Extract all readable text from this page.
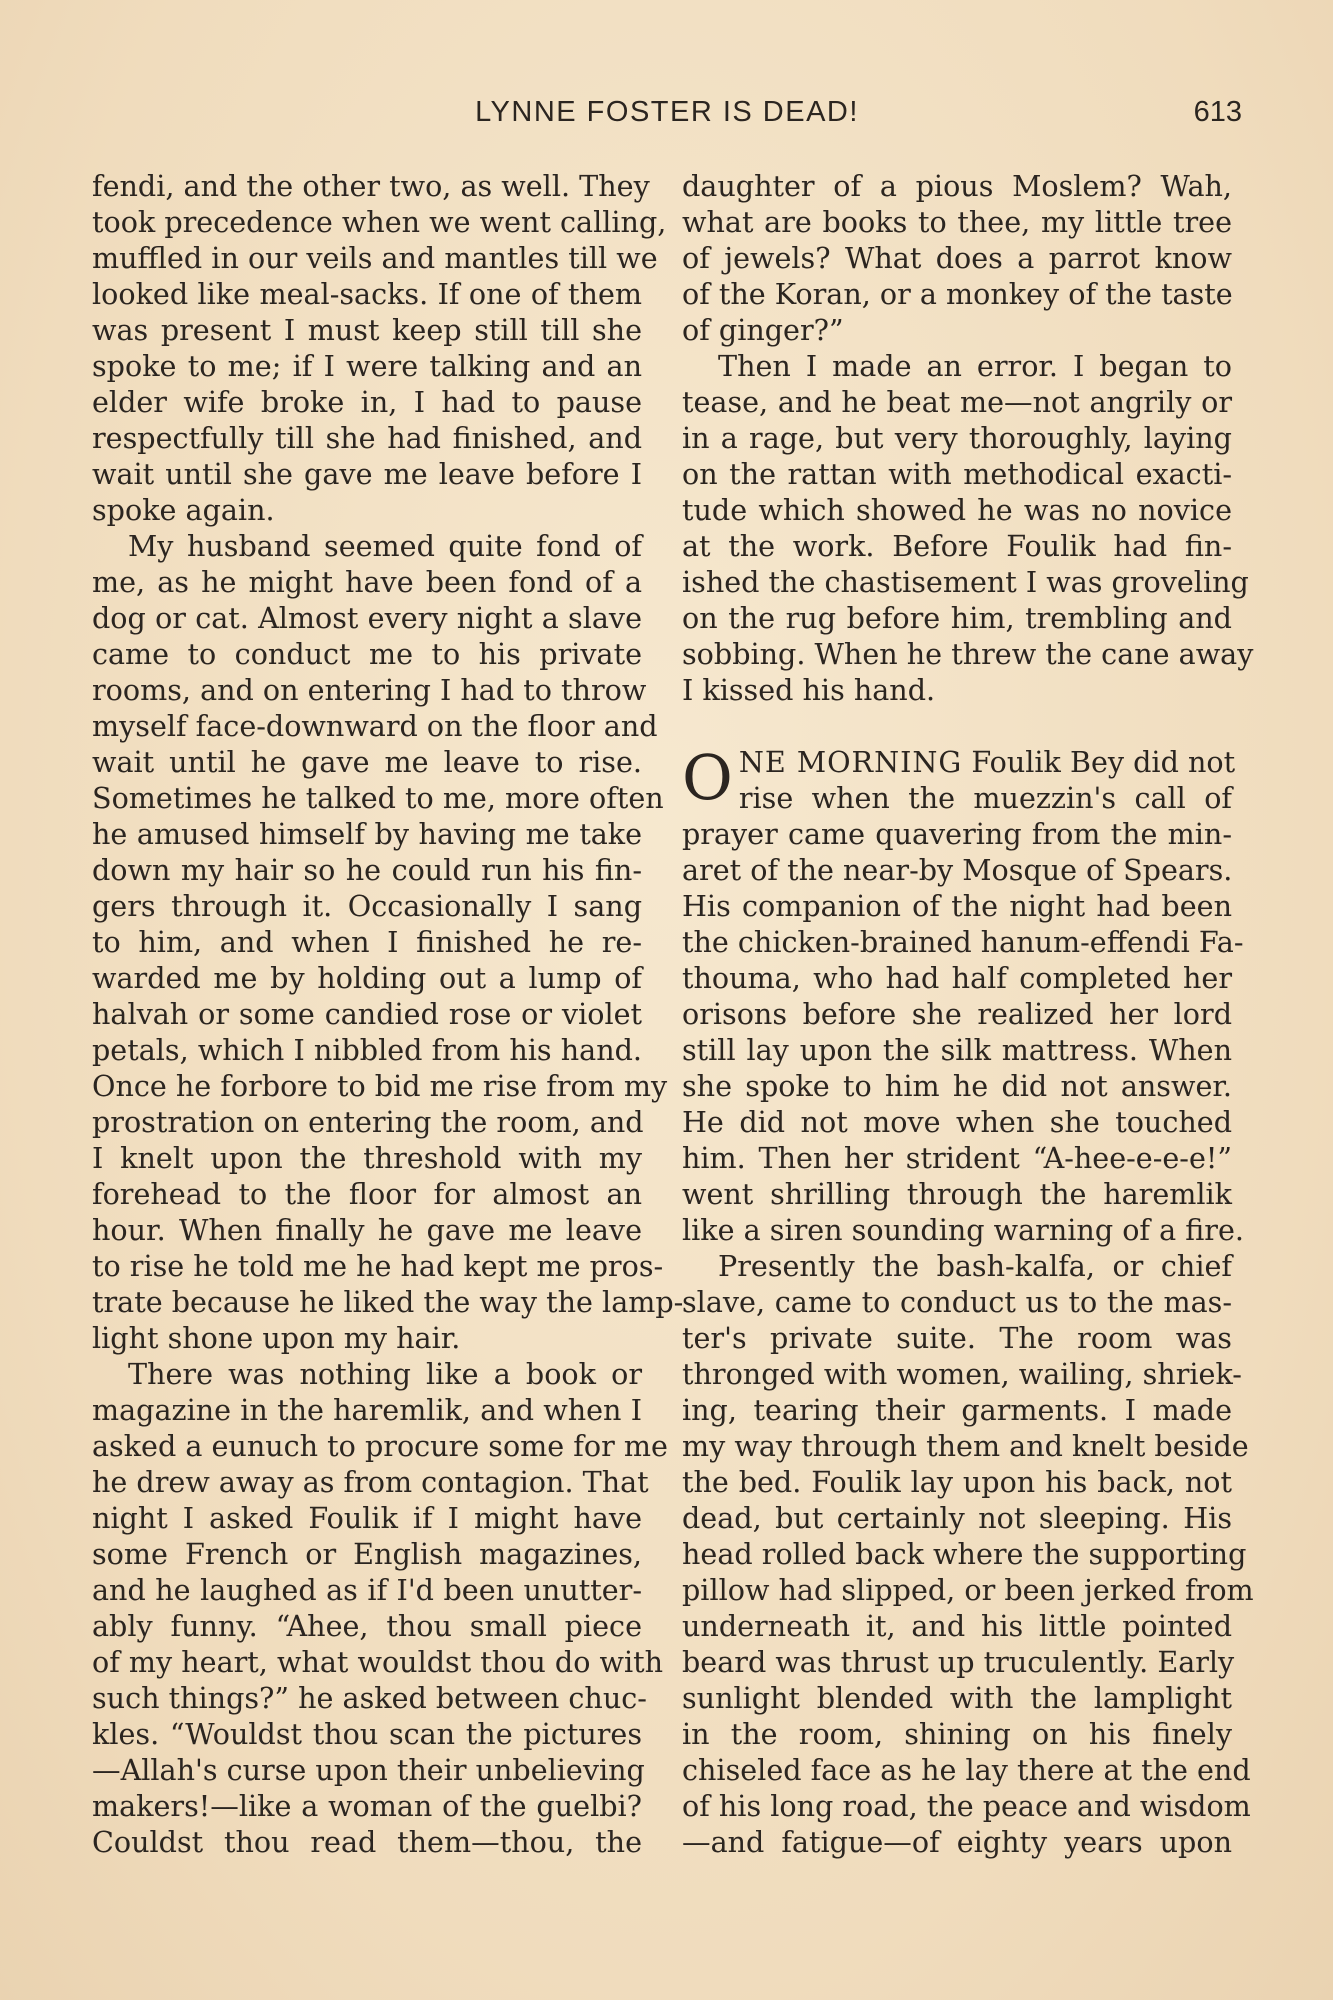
LYNNE FOSTER IS DEAD!	613
fendi, and the other two, as well. They
took precedence when we went calling,
muffled in our veils and mantles till we
looked like meal-sacks. If one of them
was present I must keep still till she
spoke to me; if I were talking and an
elder wife broke in, I had to pause
respectfully till she had finished, and
wait until she gave me leave before I
spoke again.
My husband seemed quite fond of
me, as he might have been fond of a
dog or cat. Almost every night a slave
came to conduct me to his private
rooms, and on entering I had to throw
myself face-downward on the floor and
wait until he gave me leave to rise.
Sometimes he talked to me, more often
he amused himself by having me take
down my hair so he could run his fin-
gers through it. Occasionally I sang
to him, and when I finished he re-
warded me by holding out a lump of
halvah or some candied rose or violet
petals, which I nibbled from his hand.
Once he forbore to bid me rise from my
prostration on entering the room, and
I knelt upon the threshold with my
forehead to the floor for almost an
hour. When finally he gave me leave
to rise he told me he had kept me pros-
trate because he liked the way the lamp-
light shone upon my hair.
There was nothing like a book or
magazine in the haremlik, and when I
asked a eunuch to procure some for me
he drew away as from contagion. That
night I asked Foulik if I might have
some French or English magazines,
and he laughed as if I'd been unutter-
ably funny. “Ahee, thou small piece
of my heart, what wouldst thou do with
such things?” he asked between chuc-
kles. “Wouldst thou scan the pictures
—Allah's curse upon their unbelieving
makers!—like a woman of the guelbi?
Couldst thou read them—thou, the
daughter of a pious Moslem? Wah,
what are books to thee, my little tree
of jewels? What does a parrot know
of the Koran, or a monkey of the taste
of ginger?”
Then I made an error. I began to
tease, and he beat me—not angrily or
in a rage, but very thoroughly, laying
on the rattan with methodical exacti-
tude which showed he was no novice
at the work. Before Foulik had fin-
ished the chastisement I was groveling
on the rug before him, trembling and
sobbing. When he threw the cane away
I kissed his hand.
O NE MORNING Foulik Bey did not
rise when the muezzin's call of
prayer came quavering from the min-
aret of the near-by Mosque of Spears.
His companion of the night had been
the chicken-brained hanum-effendi Fa-
thouma, who had half completed her
orisons before she realized her lord
still lay upon the silk mattress. When
she spoke to him he did not answer.
He did not move when she touched
him. Then her strident “A-hee-e-e-e!”
went shrilling through the haremlik
like a siren sounding warning of a fire.
Presently the bash-kalfa, or chief
slave, came to conduct us to the mas-
ter's private suite. The room was
thronged with women, wailing, shriek-
ing, tearing their garments. I made
my way through them and knelt beside
the bed. Foulik lay upon his back, not
dead, but certainly not sleeping. His
head rolled back where the supporting
pillow had slipped, or been jerked from
underneath it, and his little pointed
beard was thrust up truculently. Early
sunlight blended with the lamplight
in the room, shining on his finely
chiseled face as he lay there at the end
of his long road, the peace and wisdom
—and fatigue—of eighty years upon
